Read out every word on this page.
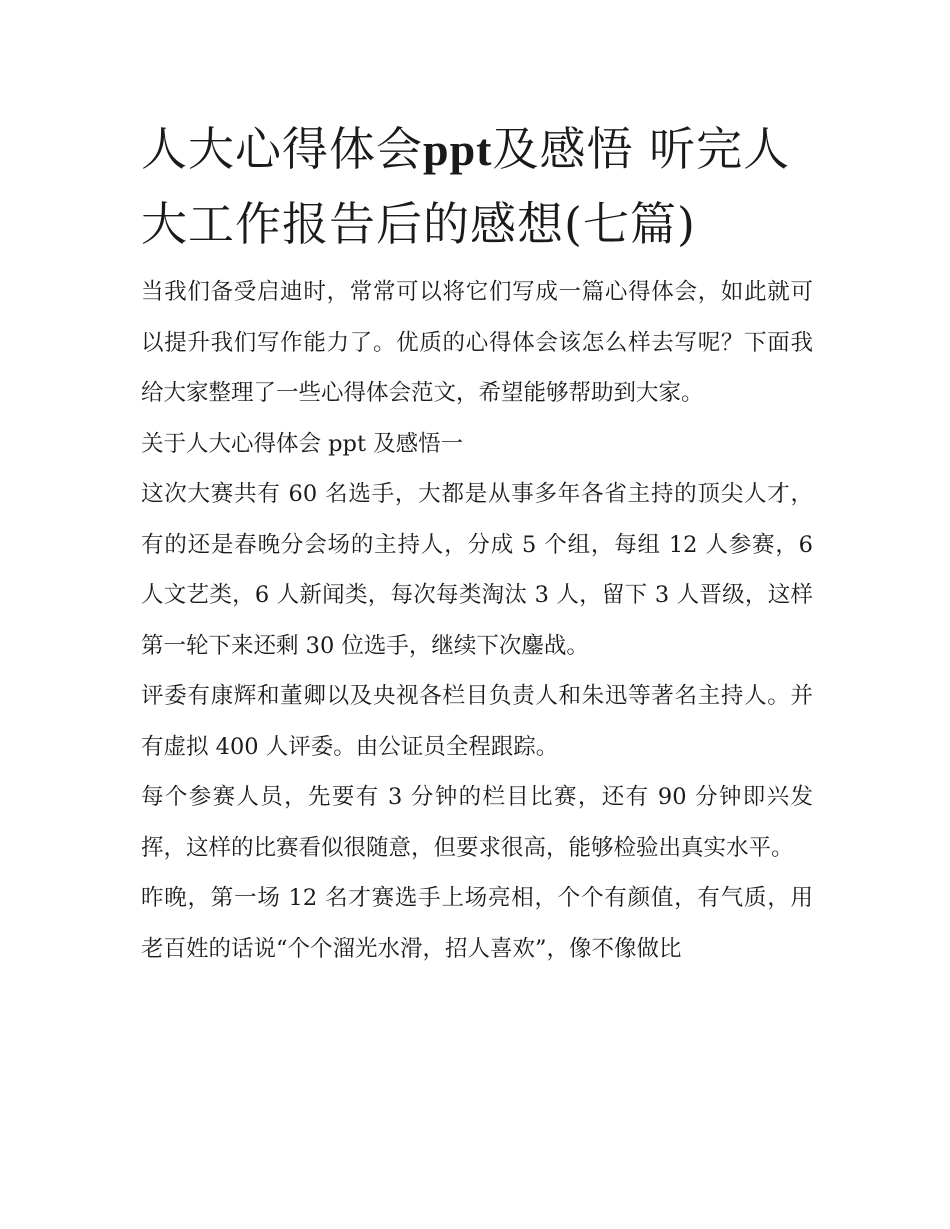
人大心得体会ppt及感悟 听完人大工作报告后的感想(七篇)

当我们备受启迪时，常常可以将它们写成一篇心得体会，如此就可以提升我们写作能力了。优质的心得体会该怎么样去写呢？下面我给大家整理了一些心得体会范文，希望能够帮助到大家。

关于人大心得体会 ppt 及感悟一

这次大赛共有 60 名选手，大都是从事多年各省主持的顶尖人才，有的还是春晚分会场的主持人，分成 5 个组，每组 12 人参赛，6 人文艺类，6 人新闻类，每次每类淘汰 3 人，留下 3 人晋级，这样第一轮下来还剩 30 位选手，继续下次鏖战。

评委有康辉和董卿以及央视各栏目负责人和朱迅等著名主持人。并有虚拟 400 人评委。由公证员全程跟踪。

每个参赛人员，先要有 3 分钟的栏目比赛，还有 90 分钟即兴发挥，这样的比赛看似很随意，但要求很高，能够检验出真实水平。

昨晚，第一场 12 名才赛选手上场亮相，个个有颜值，有气质，用老百姓的话说“个个溜光水滑，招人喜欢”，像不像做比
